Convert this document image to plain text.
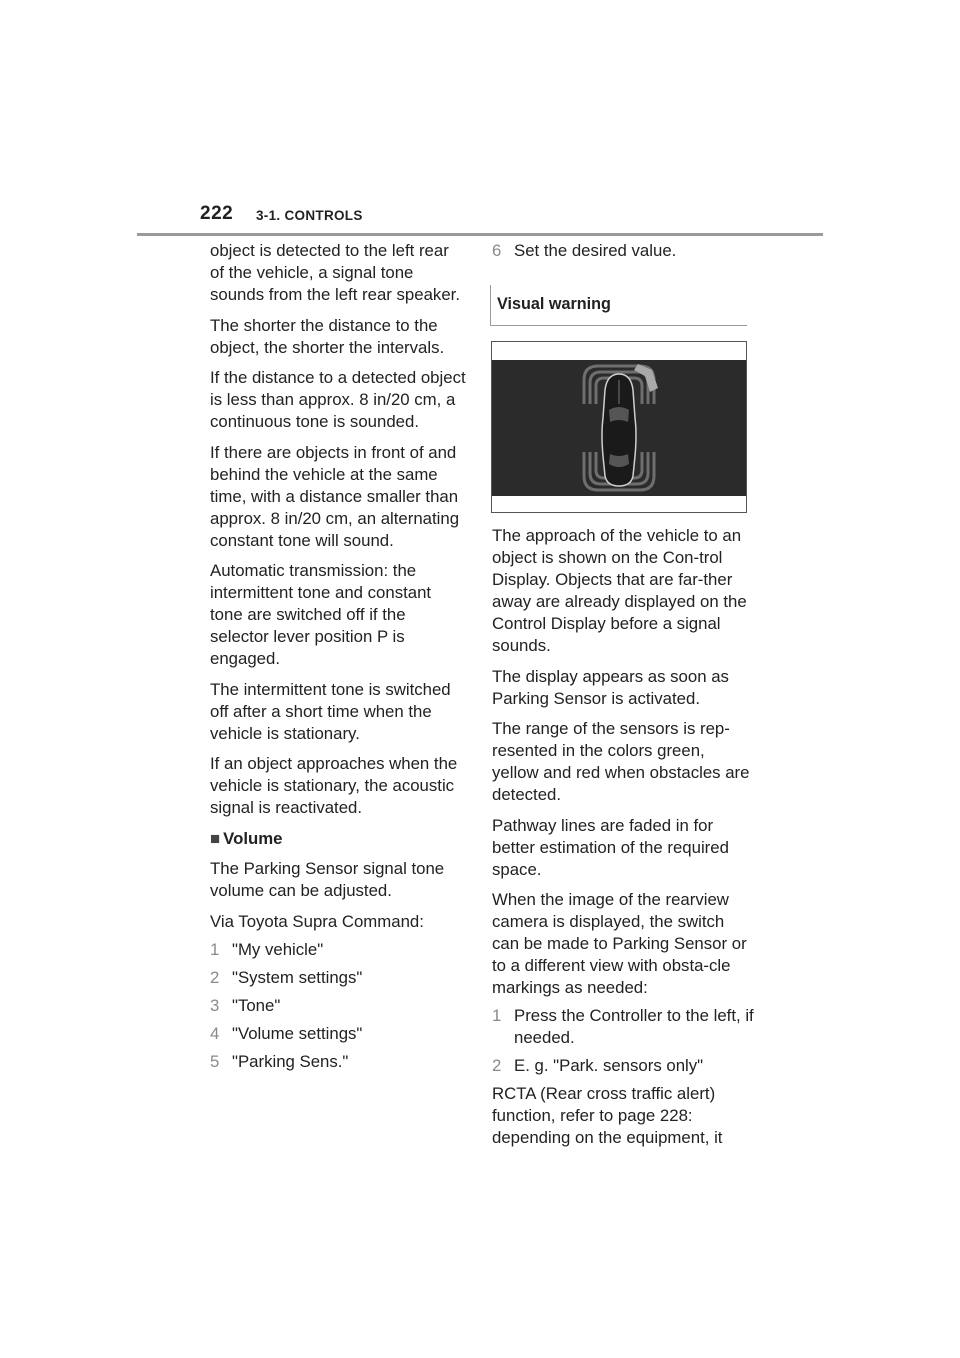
222 3-1. CONTROLS

object is detected to the left rear of the vehicle, a signal tone sounds from the left rear speaker.

The shorter the distance to the object, the shorter the intervals.

If the distance to a detected object is less than approx. 8 in/20 cm, a continuous tone is sounded.

If there are objects in front of and behind the vehicle at the same time, with a distance smaller than approx. 8 in/20 cm, an alternating constant tone will sound.

Automatic transmission: the intermittent tone and constant tone are switched off if the selector lever position P is engaged.

The intermittent tone is switched off after a short time when the vehicle is stationary.

If an object approaches when the vehicle is stationary, the acoustic signal is reactivated.

■ Volume

The Parking Sensor signal tone volume can be adjusted.

Via Toyota Supra Command:

1 "My vehicle"
2 "System settings"
3 "Tone"
4 "Volume settings"
5 "Parking Sens."
6 Set the desired value.
Visual warning

The approach of the vehicle to an object is shown on the Con-trol Display. Objects that are far-ther away are already displayed on the Control Display before a signal sounds.

The display appears as soon as Parking Sensor is activated.

The range of the sensors is rep-resented in the colors green, yellow and red when obstacles are detected.

Pathway lines are faded in for better estimation of the required space.

When the image of the rearview camera is displayed, the switch can be made to Parking Sensor or to a different view with obsta-cle markings as needed:

1 Press the Controller to the left, if needed.
2 E. g. "Park. sensors only"

RCTA (Rear cross traffic alert) function, refer to page 228: depending on the equipment, it
